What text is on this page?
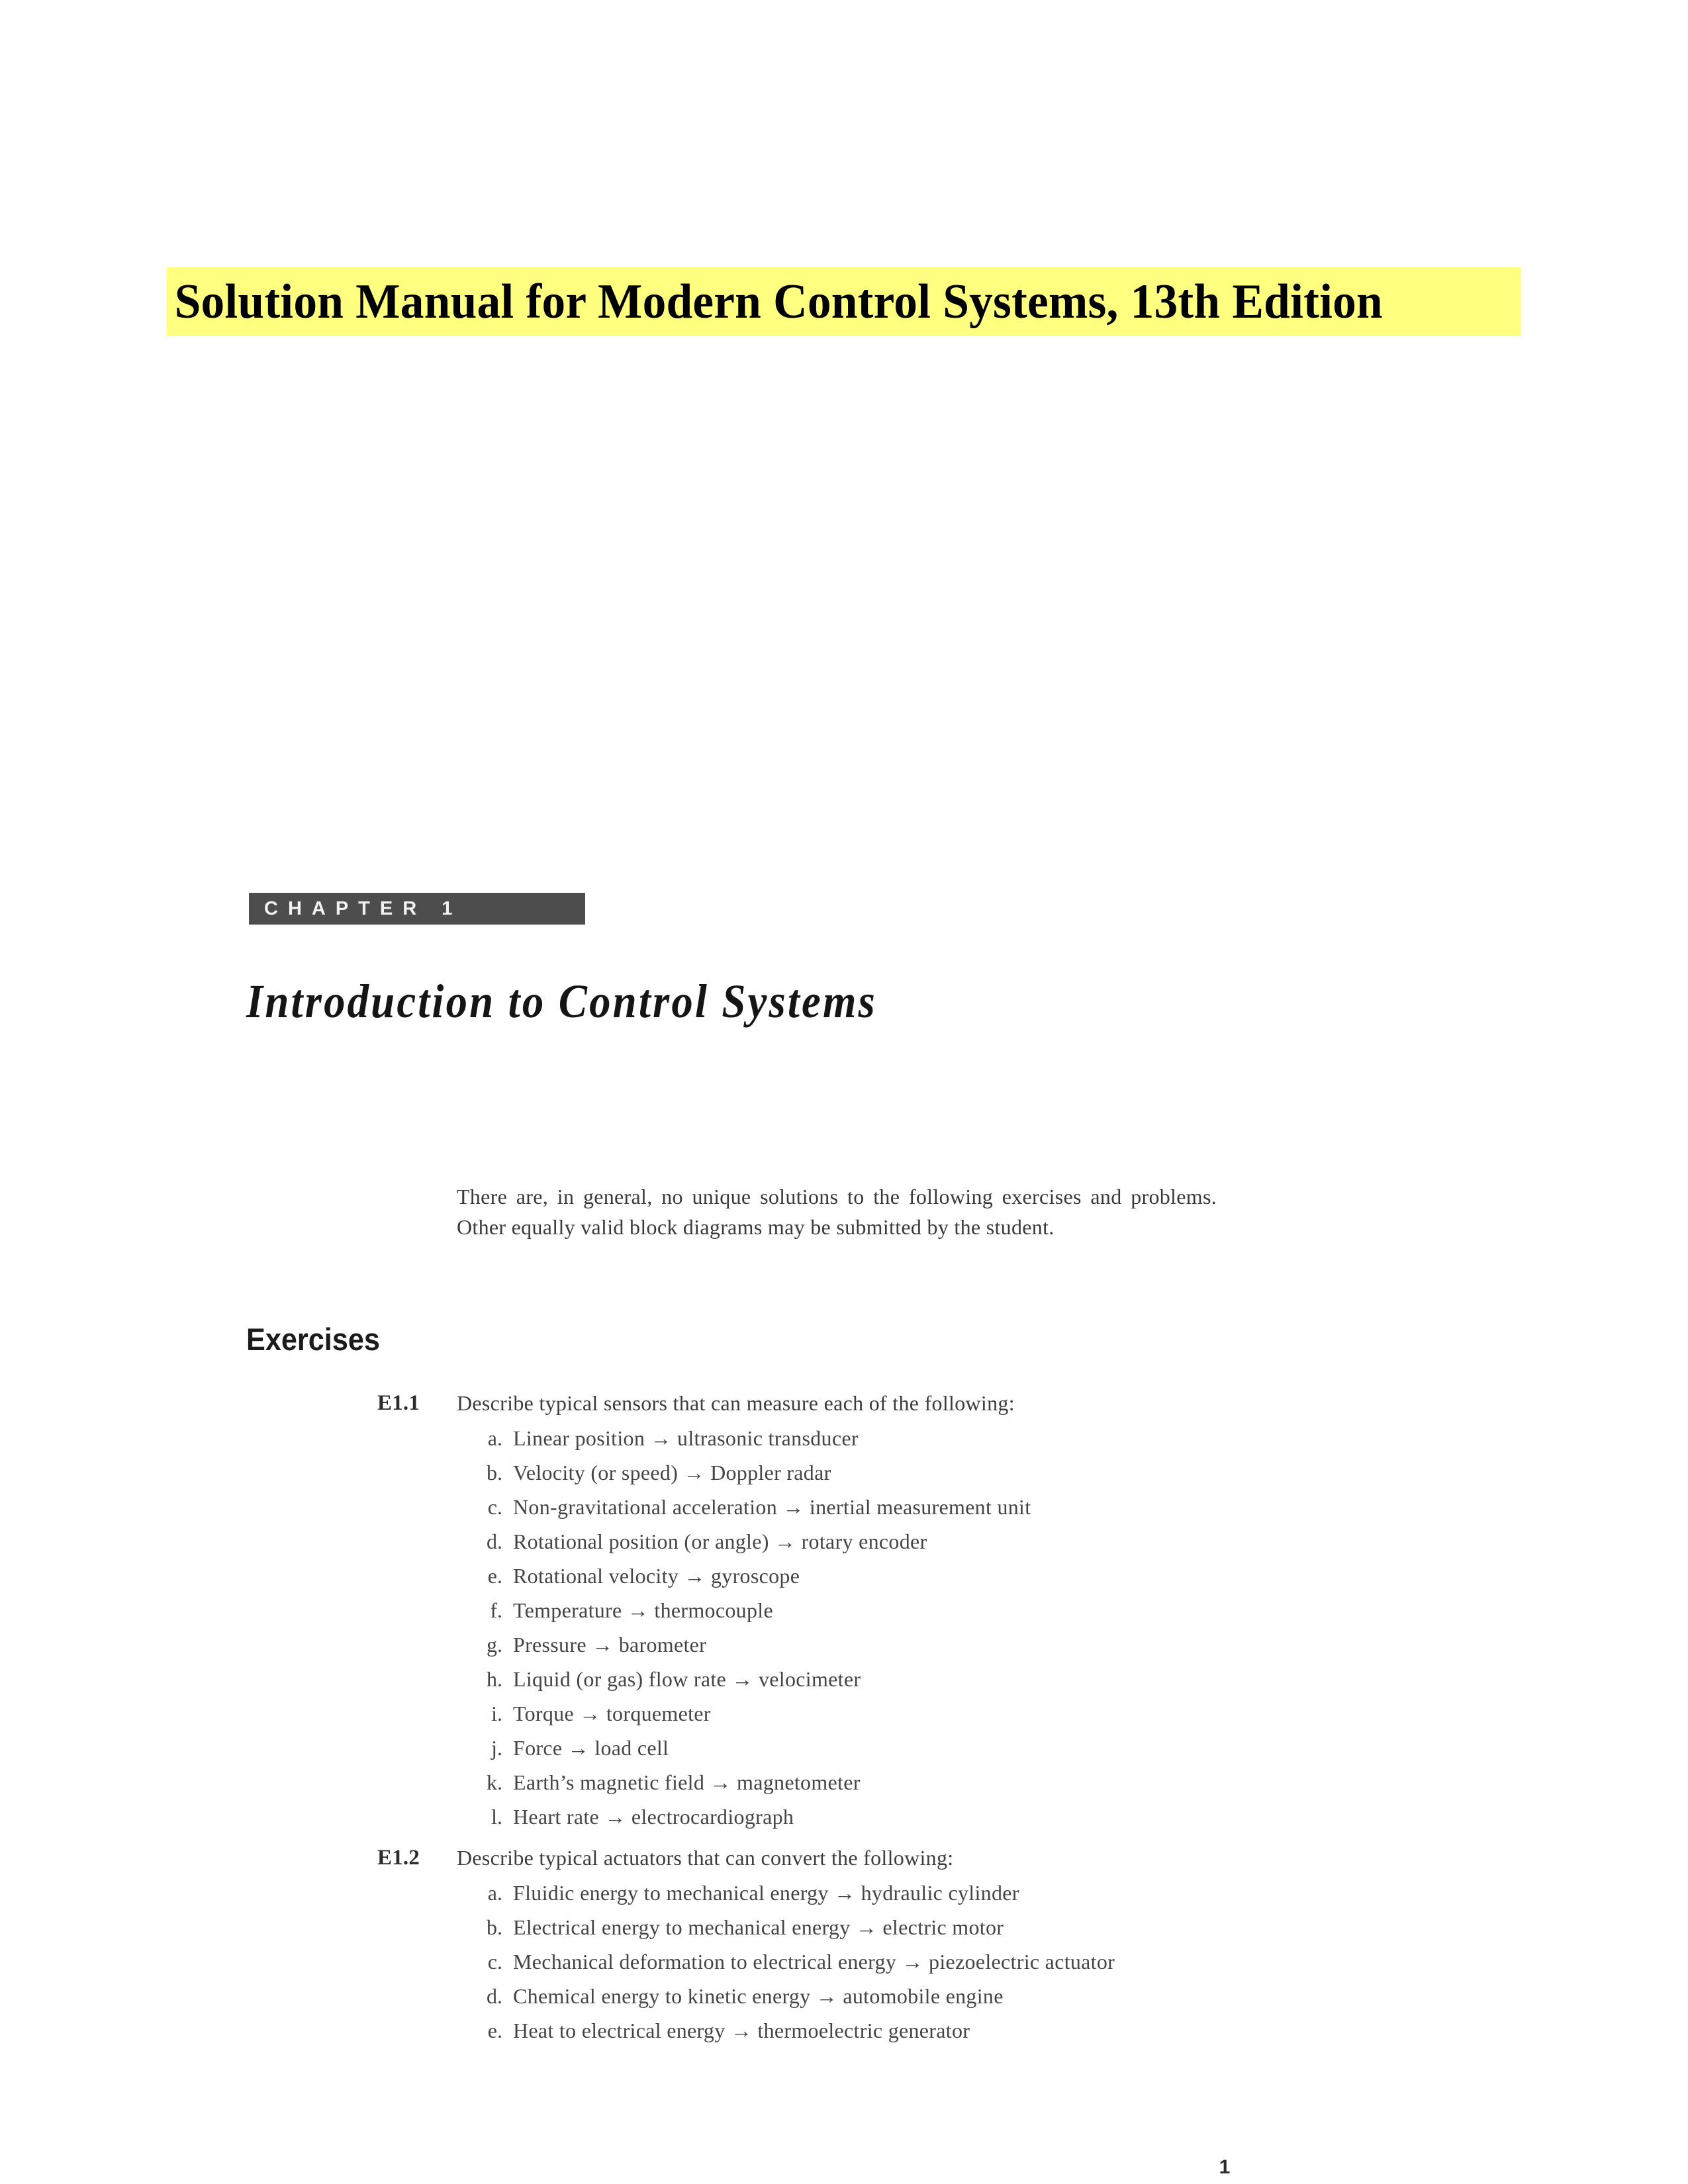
Solution Manual for Modern Control Systems, 13th Edition
CHAPTER 1
Introduction to Control Systems
There are, in general, no unique solutions to the following exercises and problems. Other equally valid block diagrams may be submitted by the student.
Exercises
E1.1	Describe typical sensors that can measure each of the following:
a. Linear position → ultrasonic transducer
b. Velocity (or speed) → Doppler radar
c. Non-gravitational acceleration → inertial measurement unit
d. Rotational position (or angle) → rotary encoder
e. Rotational velocity → gyroscope
f. Temperature → thermocouple
g. Pressure → barometer
h. Liquid (or gas) flow rate → velocimeter
i. Torque → torquemeter
j. Force → load cell
k. Earth’s magnetic field → magnetometer
l. Heart rate → electrocardiograph
E1.2	Describe typical actuators that can convert the following:
a. Fluidic energy to mechanical energy → hydraulic cylinder
b. Electrical energy to mechanical energy → electric motor
c. Mechanical deformation to electrical energy → piezoelectric actuator
d. Chemical energy to kinetic energy → automobile engine
e. Heat to electrical energy → thermoelectric generator
1
